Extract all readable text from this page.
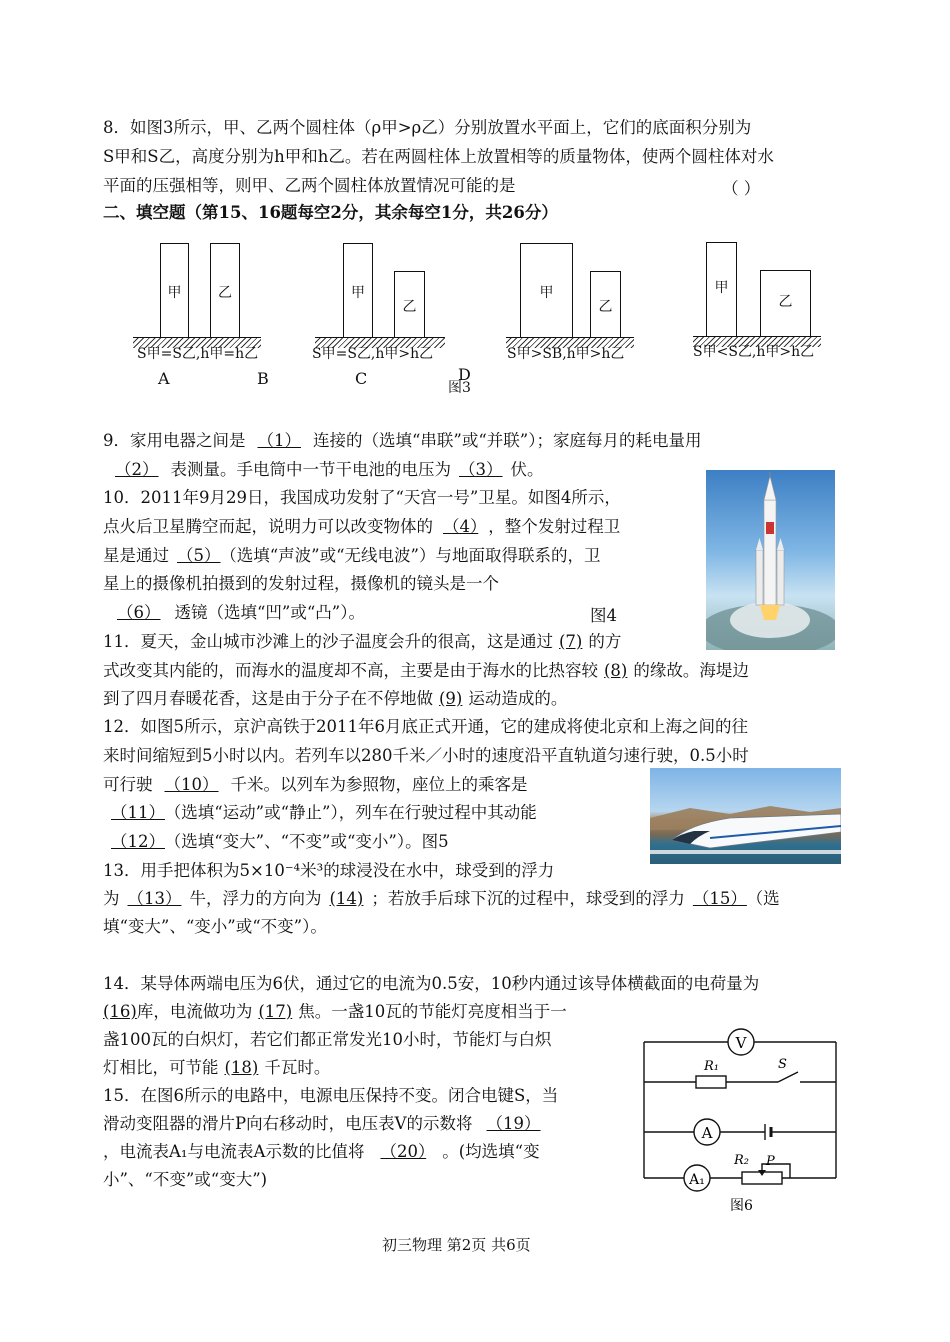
8．如图3所示，甲、乙两个圆柱体（ρ甲>ρ乙）分别放置水平面上，它们的底面积分别为
S甲和S乙，高度分别为h甲和h乙。若在两圆柱体上放置相等的质量物体，使两个圆柱体对水
平面的压强相等，则甲、乙两个圆柱体放置情况可能的是	（ ）
二、填空题（第15、16题每空2分，其余每空1分，共26分）
甲	乙
S甲=S乙,h甲=h乙
A	B
甲
乙
S甲=S乙,h甲>h乙
C	D
图3
甲
乙
S甲>SB,h甲>h乙
甲
乙
S甲<S乙,h甲>h乙
9．家用电器之间是 （1） 连接的（选填“串联”或“并联”）；家庭每月的耗电量用
（2） 表测量。手电筒中一节干电池的电压为 （3） 伏。
10．2011年9月29日，我国成功发射了“天宫一号”卫星。如图4所示，
点火后卫星腾空而起，说明力可以改变物体的 （4） ，整个发射过程卫
星是通过 （5） （选填“声波”或“无线电波”）与地面取得联系的，卫
星上的摄像机拍摄到的发射过程，摄像机的镜头是一个
（6） 透镜（选填“凹”或“凸”）。	图4
11．夏天，金山城市沙滩上的沙子温度会升的很高，这是通过 (7) 的方
式改变其内能的，而海水的温度却不高，主要是由于海水的比热容较 (8) 的缘故。海堤边
到了四月春暖花香，这是由于分子在不停地做 (9) 运动造成的。
12．如图5所示，京沪高铁于2011年6月底正式开通，它的建成将使北京和上海之间的往
来时间缩短到5小时以内。若列车以280千米／小时的速度沿平直轨道匀速行驶，0.5小时
可行驶 （10） 千米。以列车为参照物，座位上的乘客是
（11） （选填“运动”或“静止”），列车在行驶过程中其动能
（12） （选填“变大”、“不变”或“变小”）。图5
13．用手把体积为5×10⁻⁴米³的球浸没在水中，球受到的浮力
为 （13） 牛，浮力的方向为 (14) ；若放手后球下沉的过程中，球受到的浮力 （15） （选
填“变大”、“变小”或“不变”）。
14．某导体两端电压为6伏，通过它的电流为0.5安，10秒内通过该导体横截面的电荷量为
(16)库，电流做功为 (17) 焦。一盏10瓦的节能灯亮度相当于一
盏100瓦的白炽灯，若它们都正常发光10小时，节能灯与白炽
灯相比，可节能 (18) 千瓦时。
15．在图6所示的电路中，电源电压保持不变。闭合电键S，当
滑动变阻器的滑片P向右移动时，电压表V的示数将 （19）
，电流表A₁与电流表A示数的比值将 （20） 。(均选填“变
小”、“不变”或“变大”)
V
A
A₁
R₁	S
R₂ P
图6
初三物理 第2页 共6页
